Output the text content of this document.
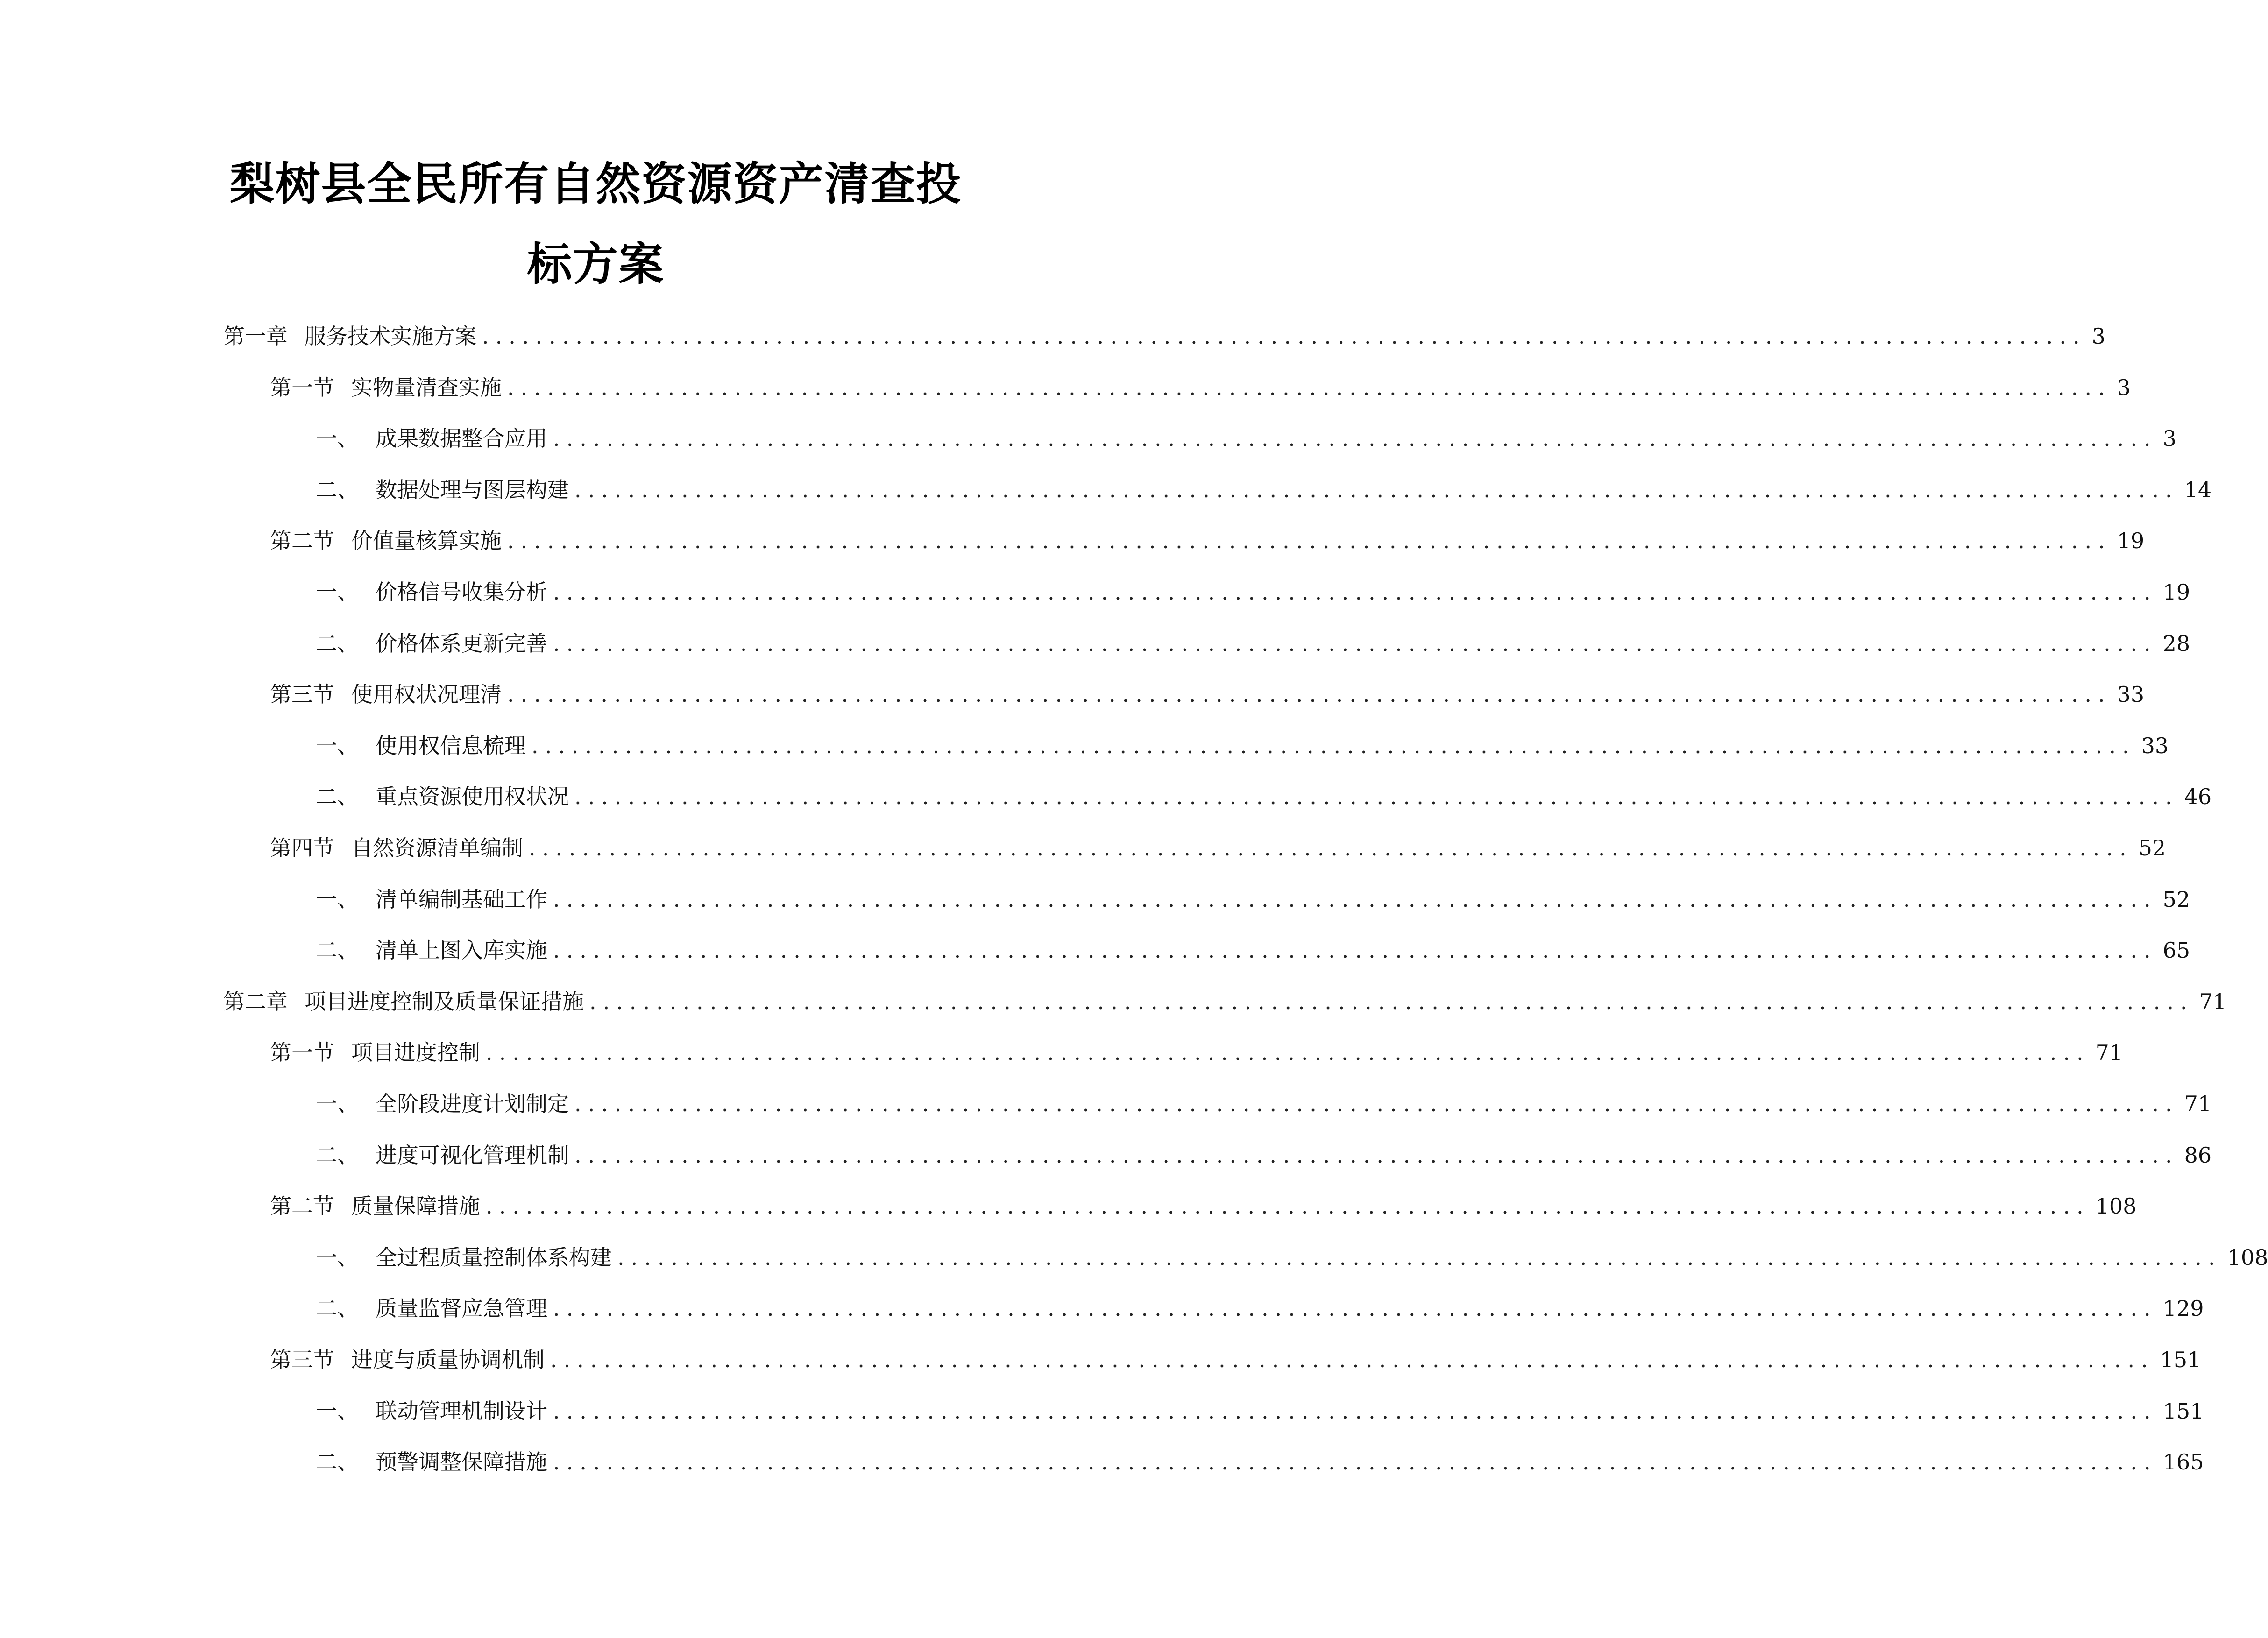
梨树县全民所有自然资源资产清查投
标方案
第一章 服务技术实施方案 ........................................................................................................................ 3
第一节 实物量清查实施 ........................................................................................................................ 3
一、 成果数据整合应用 ........................................................................................................................ 3
二、 数据处理与图层构建 ........................................................................................................................ 14
第二节 价值量核算实施 ........................................................................................................................ 19
一、 价格信号收集分析 ........................................................................................................................ 19
二、 价格体系更新完善 ........................................................................................................................ 28
第三节 使用权状况理清 ........................................................................................................................ 33
一、 使用权信息梳理 ........................................................................................................................ 33
二、 重点资源使用权状况 ........................................................................................................................ 46
第四节 自然资源清单编制 ........................................................................................................................ 52
一、 清单编制基础工作 ........................................................................................................................ 52
二、 清单上图入库实施 ........................................................................................................................ 65
第二章 项目进度控制及质量保证措施 ........................................................................................................................ 71
第一节 项目进度控制 ........................................................................................................................ 71
一、 全阶段进度计划制定 ........................................................................................................................ 71
二、 进度可视化管理机制 ........................................................................................................................ 86
第二节 质量保障措施 ........................................................................................................................ 108
一、 全过程质量控制体系构建 ........................................................................................................................ 108
二、 质量监督应急管理 ........................................................................................................................ 129
第三节 进度与质量协调机制 ........................................................................................................................ 151
一、 联动管理机制设计 ........................................................................................................................ 151
二、 预警调整保障措施 ........................................................................................................................ 165
